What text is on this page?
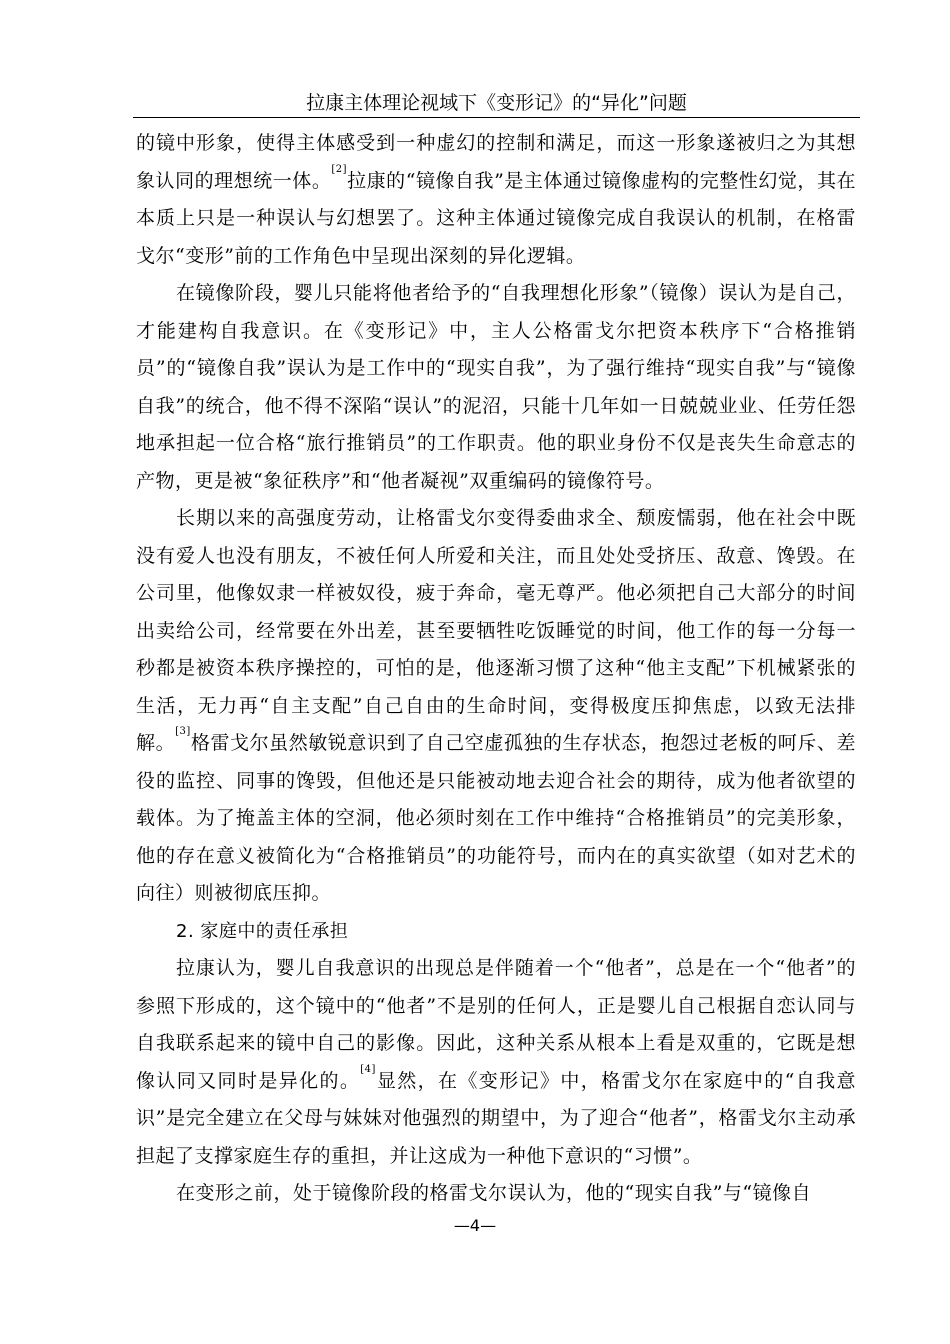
拉康主体理论视域下《变形记》的“异化”问题

的镜中形象，使得主体感受到一种虚幻的控制和满足，而这一形象遂被归之为其想象认同的理想统一体。[2]拉康的“镜像自我”是主体通过镜像虚构的完整性幻觉，其在本质上只是一种误认与幻想罢了。这种主体通过镜像完成自我误认的机制，在格雷戈尔“变形”前的工作角色中呈现出深刻的异化逻辑。

在镜像阶段，婴儿只能将他者给予的“自我理想化形象”（镜像）误认为是自己，才能建构自我意识。在《变形记》中，主人公格雷戈尔把资本秩序下“合格推销员”的“镜像自我”误认为是工作中的“现实自我”，为了强行维持“现实自我”与“镜像自我”的统合，他不得不深陷“误认”的泥沼，只能十几年如一日兢兢业业、任劳任怨地承担起一位合格“旅行推销员”的工作职责。他的职业身份不仅是丧失生命意志的产物，更是被“象征秩序”和“他者凝视”双重编码的镜像符号。

长期以来的高强度劳动，让格雷戈尔变得委曲求全、颓废懦弱，他在社会中既没有爱人也没有朋友，不被任何人所爱和关注，而且处处受挤压、敌意、馋毁。在公司里，他像奴隶一样被奴役，疲于奔命，毫无尊严。他必须把自己大部分的时间出卖给公司，经常要在外出差，甚至要牺牲吃饭睡觉的时间，他工作的每一分每一秒都是被资本秩序操控的，可怕的是，他逐渐习惯了这种“他主支配”下机械紧张的生活，无力再“自主支配”自己自由的生命时间，变得极度压抑焦虑，以致无法排解。[3]格雷戈尔虽然敏锐意识到了自己空虚孤独的生存状态，抱怨过老板的呵斥、差役的监控、同事的馋毁，但他还是只能被动地去迎合社会的期待，成为他者欲望的载体。为了掩盖主体的空洞，他必须时刻在工作中维持“合格推销员”的完美形象，他的存在意义被简化为“合格推销员”的功能符号，而内在的真实欲望（如对艺术的向往）则被彻底压抑。

2. 家庭中的责任承担

拉康认为，婴儿自我意识的出现总是伴随着一个“他者”，总是在一个“他者”的参照下形成的，这个镜中的“他者”不是别的任何人，正是婴儿自己根据自恋认同与自我联系起来的镜中自己的影像。因此，这种关系从根本上看是双重的，它既是想像认同又同时是异化的。[4]显然，在《变形记》中，格雷戈尔在家庭中的“自我意识”是完全建立在父母与妹妹对他强烈的期望中，为了迎合“他者”，格雷戈尔主动承担起了支撑家庭生存的重担，并让这成为一种他下意识的“习惯”。

在变形之前，处于镜像阶段的格雷戈尔误认为，他的“现实自我”与“镜像自

—4—
